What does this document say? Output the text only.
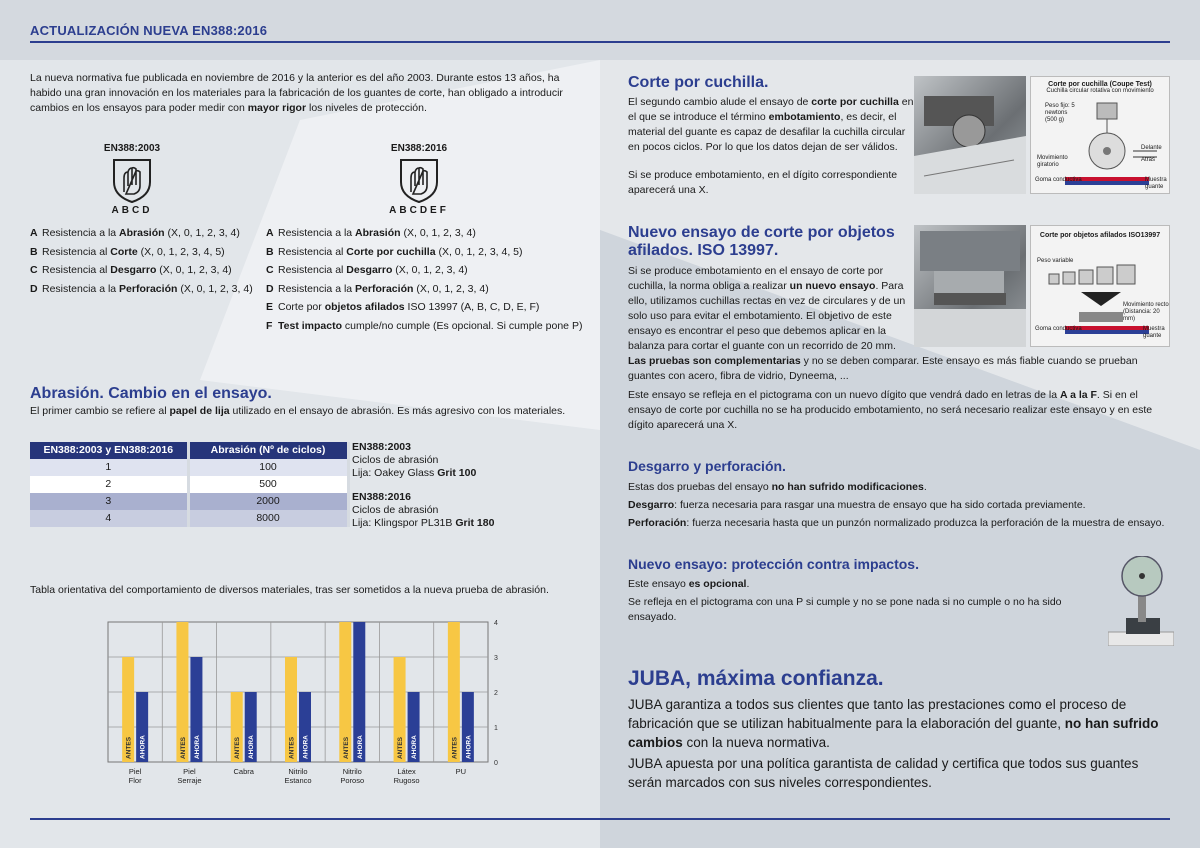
ACTUALIZACIÓN NUEVA EN388:2016

La nueva normativa fue publicada en noviembre de 2016 y la anterior es del año 2003. Durante estos 13 años, ha habido una gran innovación en los materiales para la fabricación de los guantes de corte, han obligado a introducir cambios en los ensayos para poder medir con mayor rigor los niveles de protección.

EN388:2003
ABCD
EN388:2016
ABCDEF
A Resistencia a la Abrasión (X, 0, 1, 2, 3, 4)
B Resistencia al Corte (X, 0, 1, 2, 3, 4, 5)
C Resistencia al Desgarro (X, 0, 1, 2, 3, 4)
D Resistencia a la Perforación (X, 0, 1, 2, 3, 4)
A Resistencia a la Abrasión (X, 0, 1, 2, 3, 4)
B Resistencia al Corte por cuchilla (X, 0, 1, 2, 3, 4, 5)
C Resistencia al Desgarro (X, 0, 1, 2, 3, 4)
D Resistencia a la Perforación (X, 0, 1, 2, 3, 4)
E Corte por objetos afilados ISO 13997 (A, B, C, D, E, F)
F Test impacto cumple/no cumple (Es opcional. Si cumple pone P)
Abrasión. Cambio en el ensayo.

El primer cambio se refiere al papel de lija utilizado en el ensayo de abrasión. Es más agresivo con los materiales.

EN388:2003 y EN388:2016	Abrasión (Nº de ciclos)
1	100
2	500
3	2000
4	8000
EN388:2003
Ciclos de abrasión
Lija: Oakey Glass Grit 100
EN388:2016
Ciclos de abrasión
Lija: Klingspor PL31B Grit 180

Tabla orientativa del comportamiento de diversos materiales, tras ser sometidos a la nueva prueba de abrasión.

0
1
2
3
4
ANTES AHORA
Piel
Flor
ANTES AHORA
Piel
Serraje
ANTES AHORA
Cabra
ANTES AHORA
Nitrilo
Estanco
ANTES AHORA
Nitrilo
Poroso
ANTES AHORA
Látex
Rugoso
ANTES AHORA
PU
Corte por cuchilla.

El segundo cambio alude el ensayo de corte por cuchilla en el que se introduce el término embotamiento, es decir, el material del guante es capaz de desafilar la cuchilla circular en pocos ciclos. Por lo que los datos dejan de ser válidos.

Si se produce embotamiento, en el dígito correspondiente aparecerá una X.

Corte por cuchilla (Coupe Test)
Cuchilla circular rotativa con movimiento
Peso fijo: 5 newtons (500 g)
Movimiento giratorio
Delante
Atrás
Goma conductiva	Muestra guante
Nuevo ensayo de corte por objetos afilados. ISO 13997.

Si se produce embotamiento en el ensayo de corte por cuchilla, la norma obliga a realizar un nuevo ensayo. Para ello, utilizamos cuchillas rectas en vez de circulares y de un solo uso para evitar el embotamiento. El objetivo de este ensayo es encontrar el peso que debemos aplicar en la balanza para cortar el guante con un recorrido de 20 mm.

Las pruebas son complementarias y no se deben comparar. Este ensayo es más fiable cuando se prueban guantes con acero, fibra de vidrio, Dyneema, ...

Este ensayo se refleja en el pictograma con un nuevo dígito que vendrá dado en letras de la A a la F. Si en el ensayo de corte por cuchilla no se ha producido embotamiento, no será necesario realizar este ensayo y en este dígito aparecerá una X.

Corte por objetos afilados ISO13997
Peso variable
Movimiento recto (Distancia: 20 mm)
Goma conductiva	Muestra guante
Desgarro y perforación.

Estas dos pruebas del ensayo no han sufrido modificaciones.

Desgarro: fuerza necesaria para rasgar una muestra de ensayo que ha sido cortada previamente.

Perforación: fuerza necesaria hasta que un punzón normalizado produzca la perforación de la muestra de ensayo.

Nuevo ensayo: protección contra impactos.

Este ensayo es opcional.

Se refleja en el pictograma con una P si cumple y no se pone nada si no cumple o no ha sido ensayado.

JUBA, máxima confianza.

JUBA garantiza a todos sus clientes que tanto las prestaciones como el proceso de fabricación que se utilizan habitualmente para la elaboración del guante, no han sufrido cambios con la nueva normativa.

JUBA apuesta por una política garantista de calidad y certifica que todos sus guantes serán marcados con sus niveles correspondientes.
